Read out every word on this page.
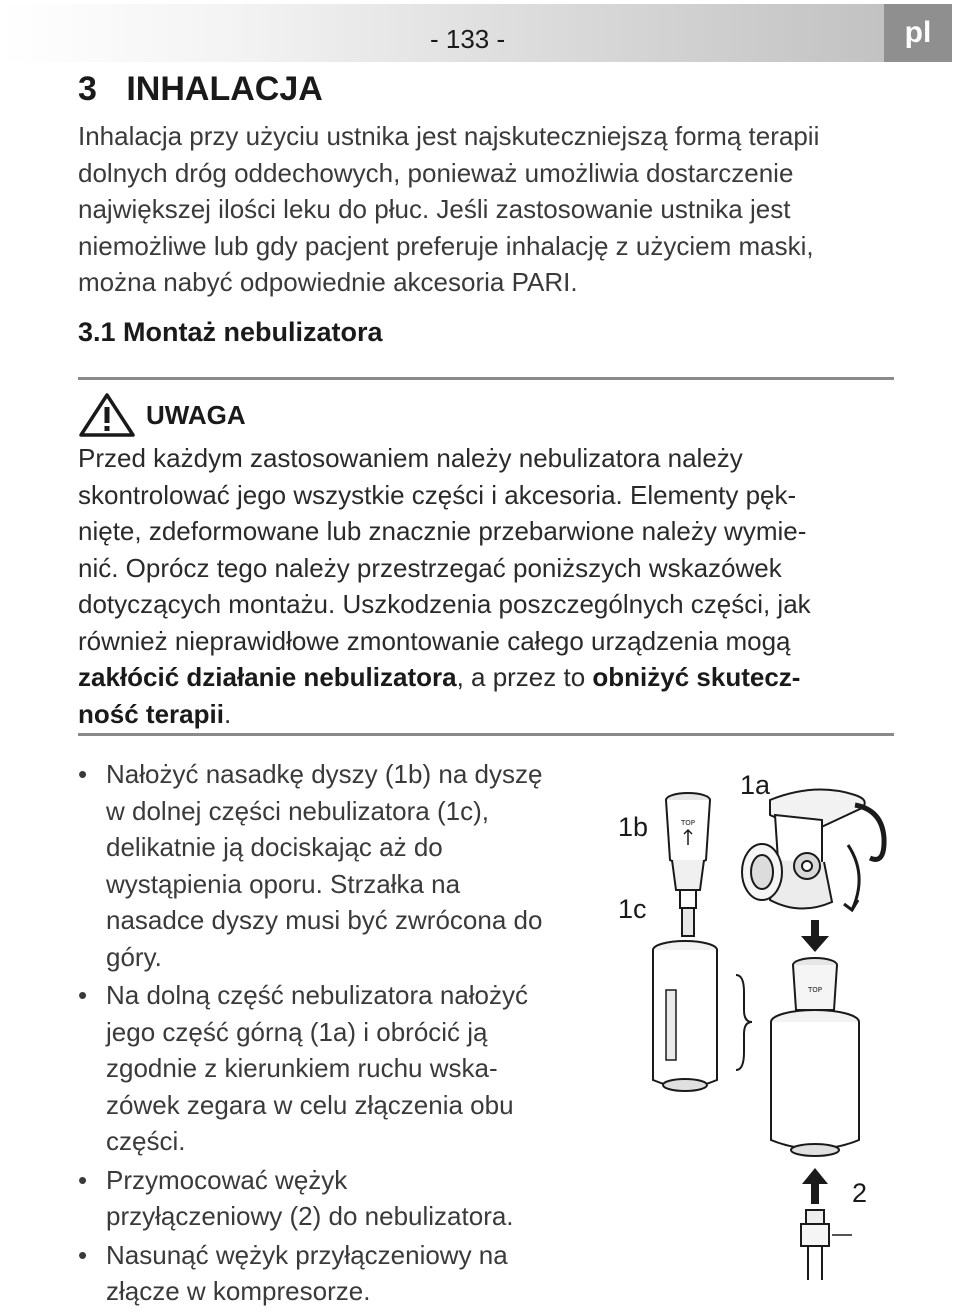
- 133 -	pl
3 INHALACJA

Inhalacja przy użyciu ustnika jest najskuteczniejszą formą terapii
dolnych dróg oddechowych, ponieważ umożliwia dostarczenie
największej ilości leku do płuc. Jeśli zastosowanie ustnika jest
niemożliwe lub gdy pacjent preferuje inhalację z użyciem maski,
można nabyć odpowiednie akcesoria PARI.

3.1 Montaż nebulizatora
UWAGA

Przed każdym zastosowaniem należy nebulizatora należy
skontrolować jego wszystkie części i akcesoria. Elementy pęk-
nięte, zdeformowane lub znacznie przebarwione należy wymie-
nić. Oprócz tego należy przestrzegać poniższych wskazówek
dotyczących montażu. Uszkodzenia poszczególnych części, jak
również nieprawidłowe zmontowanie całego urządzenia mogą
zakłócić działanie nebulizatora, a przez to obniżyć skutecz-
ność terapii.

• Nałożyć nasadkę dyszy (1b) na dyszę
w dolnej części nebulizatora (1c),
delikatnie ją dociskając aż do
wystąpienia oporu. Strzałka na
nasadce dyszy musi być zwrócona do
góry.
• Na dolną część nebulizatora nałożyć
jego część górną (1a) i obrócić ją
zgodnie z kierunkiem ruchu wska-
zówek zegara w celu złączenia obu
części.
• Przymocować wężyk
przyłączeniowy (2) do nebulizatora.
• Nasunąć wężyk przyłączeniowy na
złącze w kompresorze.
TOP
TOP
1a
1b
1c
2
